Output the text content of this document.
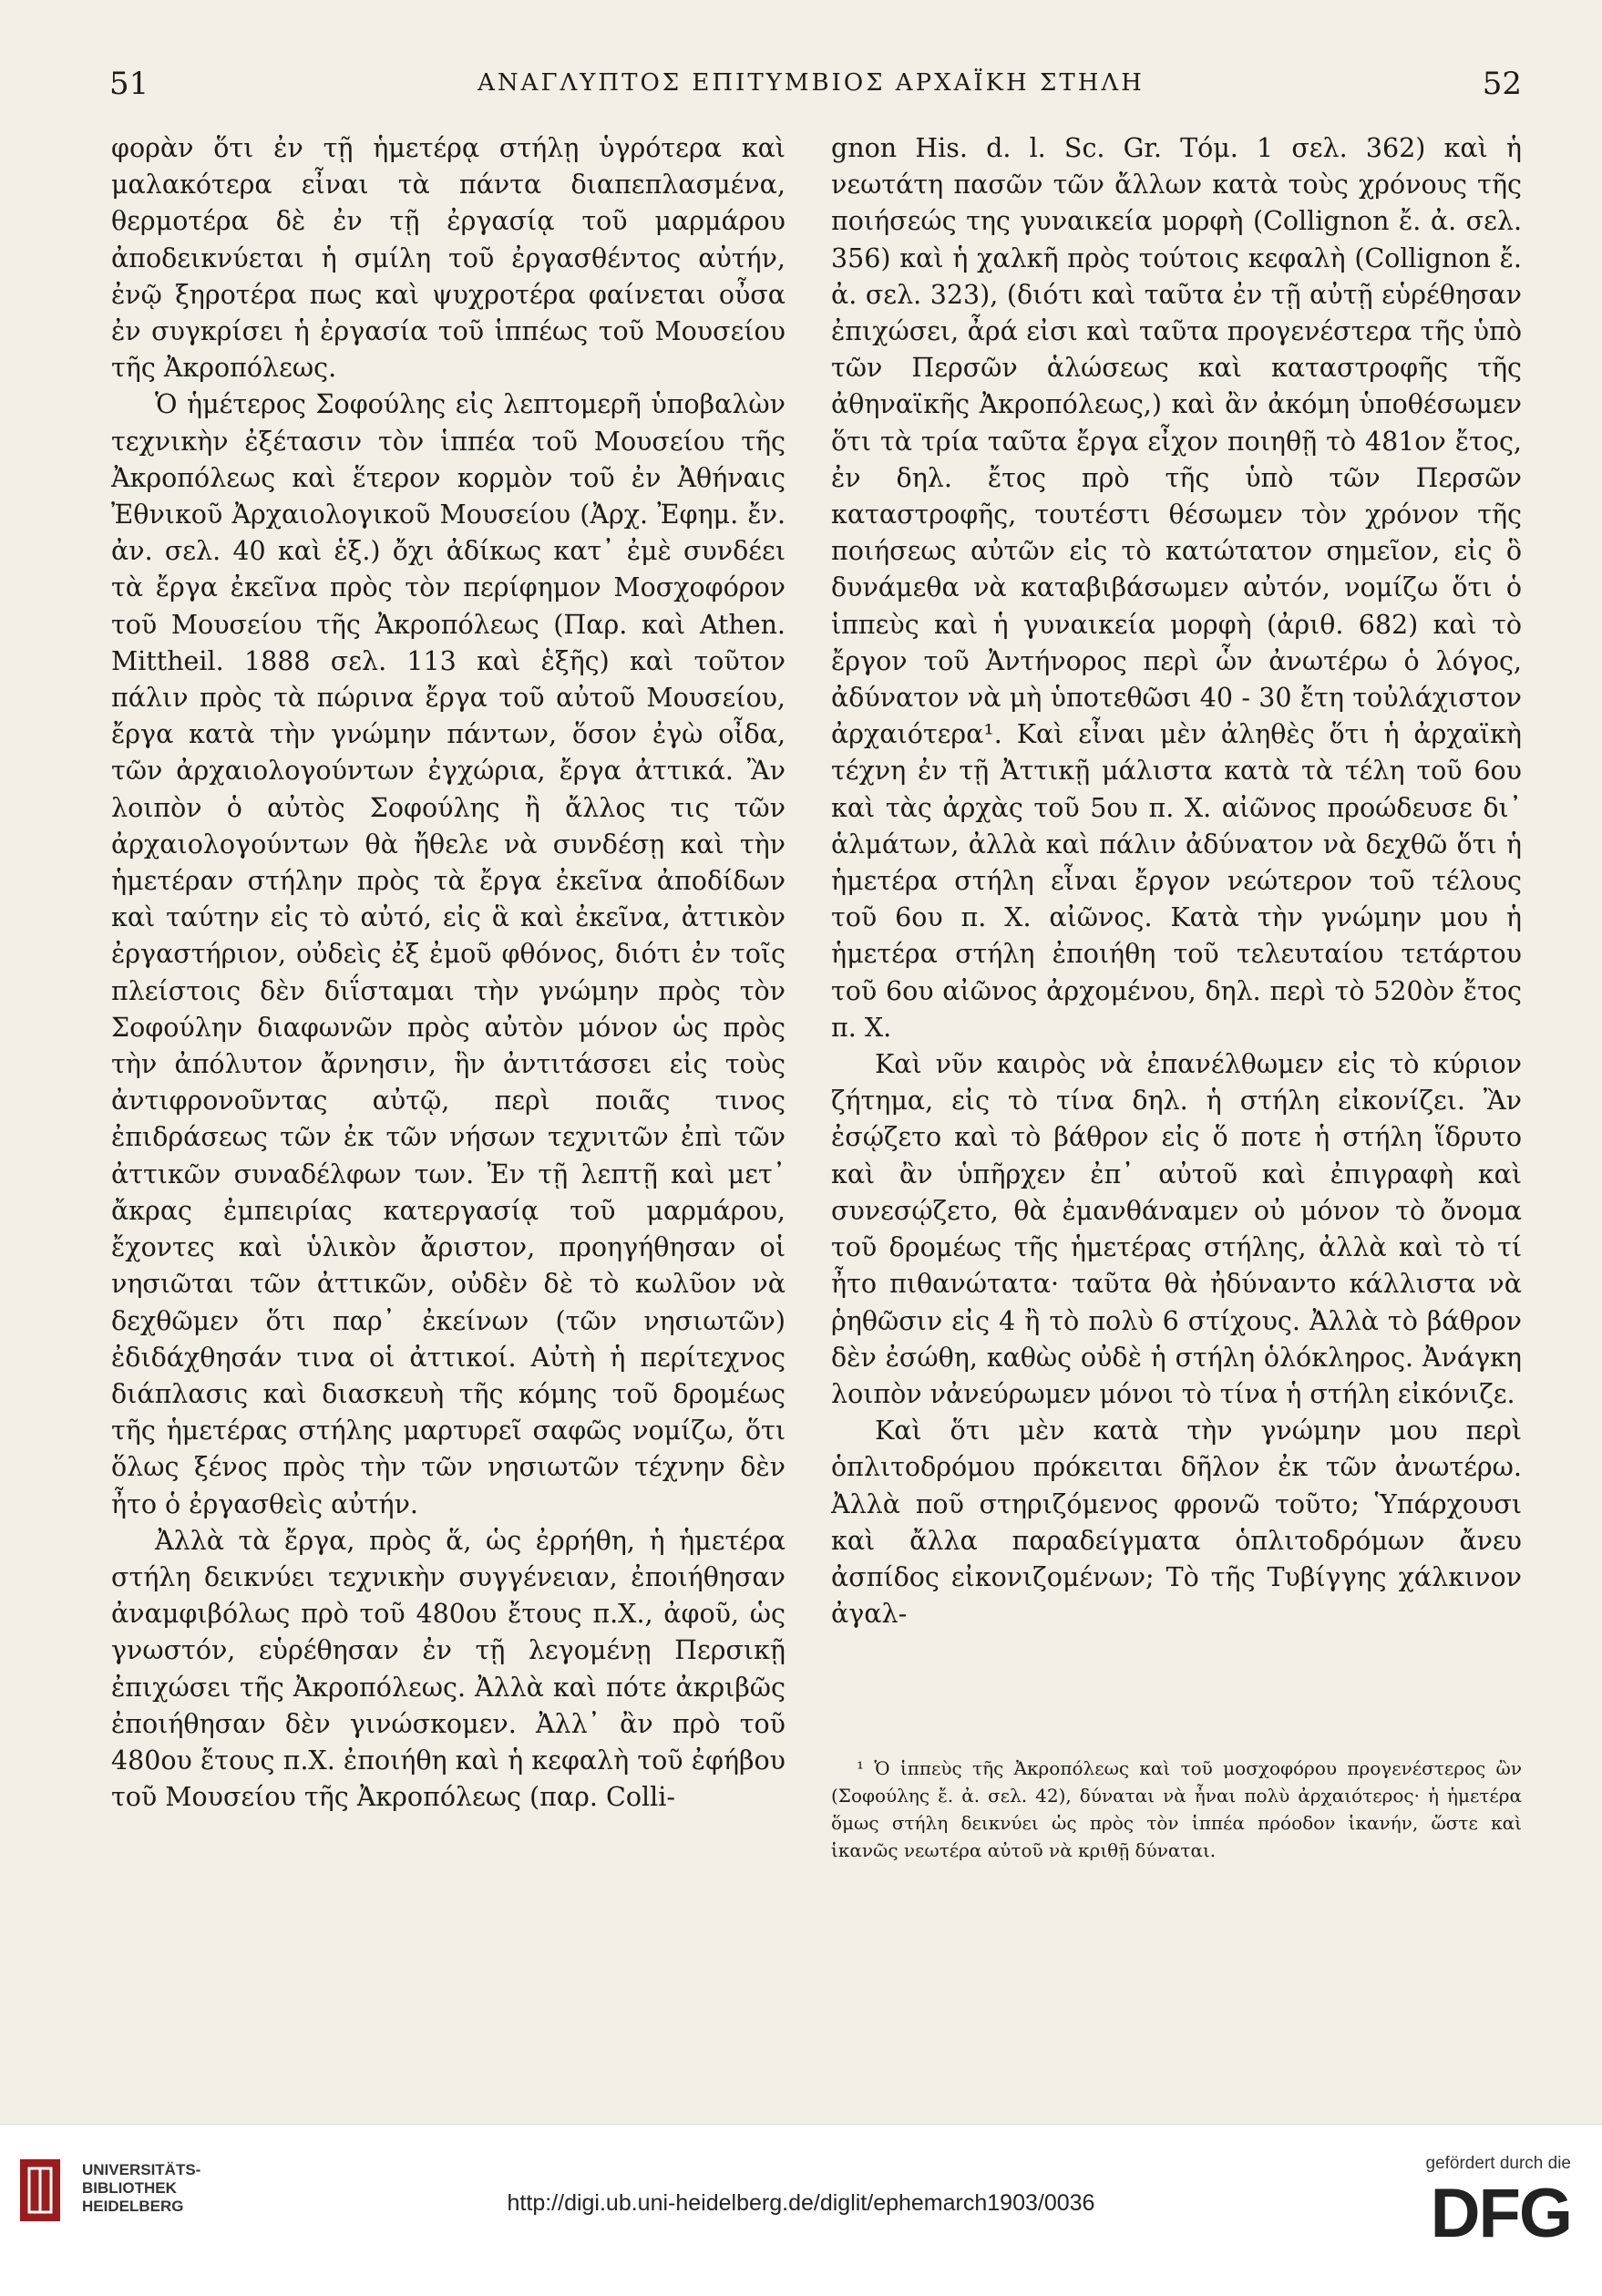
51	ΑΝΑΓΛΥΠΤΟΣ ΕΠΙΤΥΜΒΙΟΣ ΑΡΧΑΪΚΗ ΣΤΗΛΗ	52

φορὰν ὅτι ἐν τῇ ἡμετέρᾳ στήλῃ ὑγρότερα καὶ μαλακότερα εἶναι τὰ πάντα διαπεπλασμένα, θερμοτέρα δὲ ἐν τῇ ἐργασίᾳ τοῦ μαρμάρου ἀποδεικνύεται ἡ σμίλη τοῦ ἐργασθέντος αὐτήν, ἐνῷ ξηροτέρα πως καὶ ψυχροτέρα φαίνεται οὖσα ἐν συγκρίσει ἡ ἐργασία τοῦ ἱππέως τοῦ Μουσείου τῆς Ἀκροπόλεως.

Ὁ ἡμέτερος Σοφούλης εἰς λεπτομερῆ ὑποβαλὼν τεχνικὴν ἐξέτασιν τὸν ἱππέα τοῦ Μουσείου τῆς Ἀκροπόλεως καὶ ἕτερον κορμὸν τοῦ ἐν Ἀθήναις Ἐθνικοῦ Ἀρχαιολογικοῦ Μουσείου (Ἀρχ. Ἐφημ. ἔν. ἀν. σελ. 40 καὶ ἑξ.) ὄχι ἀδίκως κατ᾽ ἐμὲ συνδέει τὰ ἔργα ἐκεῖνα πρὸς τὸν περίφημον Μοσχοφόρον τοῦ Μουσείου τῆς Ἀκροπόλεως (Παρ. καὶ Athen. Mittheil. 1888 σελ. 113 καὶ ἑξῆς) καὶ τοῦτον πάλιν πρὸς τὰ πώρινα ἔργα τοῦ αὐτοῦ Μουσείου, ἔργα κατὰ τὴν γνώμην πάντων, ὅσον ἐγὼ οἶδα, τῶν ἀρχαιολογούντων ἐγχώρια, ἔργα ἀττικά. Ἂν λοιπὸν ὁ αὐτὸς Σοφούλης ἢ ἄλλος τις τῶν ἀρχαιολογούντων θὰ ἤθελε νὰ συνδέσῃ καὶ τὴν ἡμετέραν στήλην πρὸς τὰ ἔργα ἐκεῖνα ἀποδίδων καὶ ταύτην εἰς τὸ αὐτό, εἰς ἃ καὶ ἐκεῖνα, ἀττικὸν ἐργαστήριον, οὐδεὶς ἐξ ἐμοῦ φθόνος, διότι ἐν τοῖς πλείστοις δὲν διΐσταμαι τὴν γνώμην πρὸς τὸν Σοφούλην διαφωνῶν πρὸς αὐτὸν μόνον ὡς πρὸς τὴν ἀπόλυτον ἄρνησιν, ἣν ἀντιτάσσει εἰς τοὺς ἀντιφρονοῦντας αὐτῷ, περὶ ποιᾶς τινος ἐπιδράσεως τῶν ἐκ τῶν νήσων τεχνιτῶν ἐπὶ τῶν ἀττικῶν συναδέλφων των. Ἐν τῇ λεπτῇ καὶ μετ᾽ ἄκρας ἐμπειρίας κατεργασίᾳ τοῦ μαρμάρου, ἔχοντες καὶ ὑλικὸν ἄριστον, προηγήθησαν οἱ νησιῶται τῶν ἀττικῶν, οὐδὲν δὲ τὸ κωλῦον νὰ δεχθῶμεν ὅτι παρ᾽ ἐκείνων (τῶν νησιωτῶν) ἐδιδάχθησάν τινα οἱ ἀττικοί. Αὐτὴ ἡ περίτεχνος διάπλασις καὶ διασκευὴ τῆς κόμης τοῦ δρομέως τῆς ἡμετέρας στήλης μαρτυρεῖ σαφῶς νομίζω, ὅτι ὅλως ξένος πρὸς τὴν τῶν νησιωτῶν τέχνην δὲν ἦτο ὁ ἐργασθεὶς αὐτήν.

Ἀλλὰ τὰ ἔργα, πρὸς ἅ, ὡς ἐρρήθη, ἡ ἡμετέρα στήλη δεικνύει τεχνικὴν συγγένειαν, ἐποιήθησαν ἀναμφιβόλως πρὸ τοῦ 480ου ἔτους π.Χ., ἀφοῦ, ὡς γνωστόν, εὑρέθησαν ἐν τῇ λεγομένῃ Περσικῇ ἐπιχώσει τῆς Ἀκροπόλεως. Ἀλλὰ καὶ πότε ἀκριβῶς ἐποιήθησαν δὲν γινώσκομεν. Ἀλλ᾽ ἂν πρὸ τοῦ 480ου ἔτους π.Χ. ἐποιήθη καὶ ἡ κεφαλὴ τοῦ ἐφήβου τοῦ Μουσείου τῆς Ἀκροπόλεως (παρ. Colli-

gnon His. d. l. Sc. Gr. Τόμ. 1 σελ. 362) καὶ ἡ νεωτάτη πασῶν τῶν ἄλλων κατὰ τοὺς χρόνους τῆς ποιήσεώς της γυναικεία μορφὴ (Collignon ἔ. ἀ. σελ. 356) καὶ ἡ χαλκῆ πρὸς τούτοις κεφαλὴ (Collignon ἔ. ἀ. σελ. 323), (διότι καὶ ταῦτα ἐν τῇ αὐτῇ εὑρέθησαν ἐπιχώσει, ἆρά εἰσι καὶ ταῦτα προγενέστερα τῆς ὑπὸ τῶν Περσῶν ἁλώσεως καὶ καταστροφῆς τῆς ἀθηναϊκῆς Ἀκροπόλεως,) καὶ ἂν ἀκόμη ὑποθέσωμεν ὅτι τὰ τρία ταῦτα ἔργα εἶχον ποιηθῇ τὸ 481ον ἔτος, ἐν δηλ. ἔτος πρὸ τῆς ὑπὸ τῶν Περσῶν καταστροφῆς, τουτέστι θέσωμεν τὸν χρόνον τῆς ποιήσεως αὐτῶν εἰς τὸ κατώτατον σημεῖον, εἰς ὃ δυνάμεθα νὰ καταβιβάσωμεν αὐτόν, νομίζω ὅτι ὁ ἱππεὺς καὶ ἡ γυναικεία μορφὴ (ἀριθ. 682) καὶ τὸ ἔργον τοῦ Ἀντήνορος περὶ ὧν ἀνωτέρω ὁ λόγος, ἀδύνατον νὰ μὴ ὑποτεθῶσι 40 - 30 ἔτη τοὐλάχιστον ἀρχαιότερα¹. Καὶ εἶναι μὲν ἀληθὲς ὅτι ἡ ἀρχαϊκὴ τέχνη ἐν τῇ Ἀττικῇ μάλιστα κατὰ τὰ τέλη τοῦ 6ου καὶ τὰς ἀρχὰς τοῦ 5ου π. Χ. αἰῶνος προώδευσε δι᾽ ἁλμάτων, ἀλλὰ καὶ πάλιν ἀδύνατον νὰ δεχθῶ ὅτι ἡ ἡμετέρα στήλη εἶναι ἔργον νεώτερον τοῦ τέλους τοῦ 6ου π. Χ. αἰῶνος. Κατὰ τὴν γνώμην μου ἡ ἡμετέρα στήλη ἐποιήθη τοῦ τελευταίου τετάρτου τοῦ 6ου αἰῶνος ἀρχομένου, δηλ. περὶ τὸ 520ὸν ἔτος π. Χ.

Καὶ νῦν καιρὸς νὰ ἐπανέλθωμεν εἰς τὸ κύριον ζήτημα, εἰς τὸ τίνα δηλ. ἡ στήλη εἰκονίζει. Ἂν ἐσῴζετο καὶ τὸ βάθρον εἰς ὅ ποτε ἡ στήλη ἵδρυτο καὶ ἂν ὑπῆρχεν ἐπ᾽ αὐτοῦ καὶ ἐπιγραφὴ καὶ συνεσῴζετο, θὰ ἐμανθάναμεν οὐ μόνον τὸ ὄνομα τοῦ δρομέως τῆς ἡμετέρας στήλης, ἀλλὰ καὶ τὸ τί ἦτο πιθανώτατα· ταῦτα θὰ ἠδύναντο κάλλιστα νὰ ῥηθῶσιν εἰς 4 ἢ τὸ πολὺ 6 στίχους. Ἀλλὰ τὸ βάθρον δὲν ἐσώθη, καθὼς οὐδὲ ἡ στήλη ὁλόκληρος. Ἀνάγκη λοιπὸν νἀνεύρωμεν μόνοι τὸ τίνα ἡ στήλη εἰκόνιζε.

Καὶ ὅτι μὲν κατὰ τὴν γνώμην μου περὶ ὁπλιτοδρόμου πρόκειται δῆλον ἐκ τῶν ἀνωτέρω. Ἀλλὰ ποῦ στηριζόμενος φρονῶ τοῦτο; Ὑπάρχουσι καὶ ἄλλα παραδείγματα ὁπλιτοδρόμων ἄνευ ἀσπίδος εἰκονιζομένων; Τὸ τῆς Τυβίγγης χάλκινον ἀγαλ-

¹ Ὁ ἱππεὺς τῆς Ἀκροπόλεως καὶ τοῦ μοσχοφόρου προγενέστερος ὢν (Σοφούλης ἔ. ἀ. σελ. 42), δύναται νὰ ἦναι πολὺ ἀρχαιότερος· ἡ ἡμετέρα ὅμως στήλη δεικνύει ὡς πρὸς τὸν ἱππέα πρόοδον ἱκανήν, ὥστε καὶ ἱκανῶς νεωτέρα αὐτοῦ νὰ κριθῇ δύναται.

UNIVERSITÄTS-
BIBLIOTHEK
HEIDELBERG	http://digi.ub.uni-heidelberg.de/diglit/ephemarch1903/0036
gefördert durch die
DFG
